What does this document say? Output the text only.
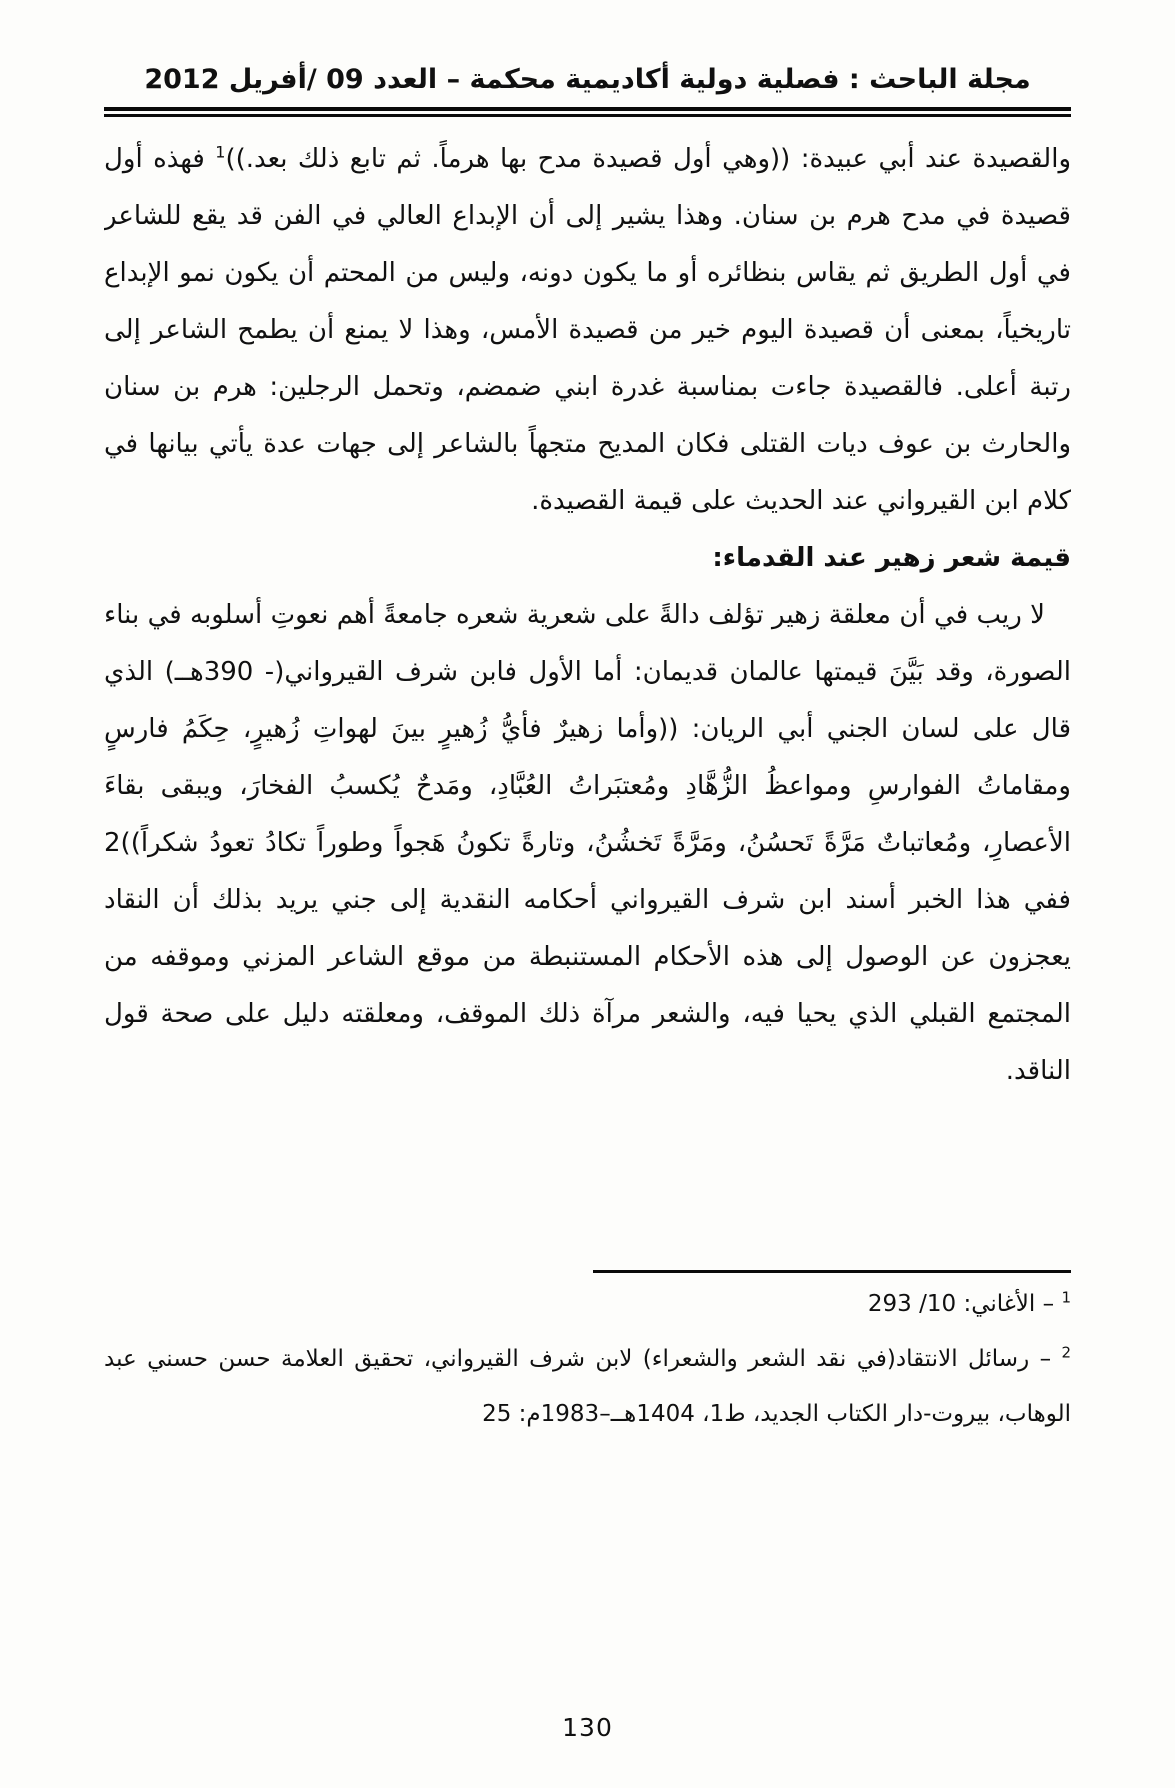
مجلة الباحث : فصلية دولية أكاديمية محكمة – العدد 09 /أفريل 2012

والقصيدة عند أبي عبيدة: ((وهي أول قصيدة مدح بها هرماً. ثم تابع ذلك بعد.))$^1$ فهذه أول قصيدة في مدح هرم بن سنان. وهذا يشير إلى أن الإبداع العالي في الفن قد يقع للشاعر في أول الطريق ثم يقاس بنظائره أو ما يكون دونه، وليس من المحتم أن يكون نمو الإبداع تاريخياً، بمعنى أن قصيدة اليوم خير من قصيدة الأمس، وهذا لا يمنع أن يطمح الشاعر إلى رتبة أعلى. فالقصيدة جاءت بمناسبة غدرة ابني ضمضم، وتحمل الرجلين: هرم بن سنان والحارث بن عوف ديات القتلى فكان المديح متجهاً بالشاعر إلى جهات عدة يأتي بيانها في كلام ابن القيرواني عند الحديث على قيمة القصيدة.

قيمة شعر زهير عند القدماء:

لا ريب في أن معلقة زهير تؤلف دالةً على شعرية شعره جامعةً أهم نعوتِ أسلوبه في بناء الصورة، وقد بَيَّنَ قيمتها عالمان قديمان: أما الأول فابن شرف القيرواني(- 390هــ) الذي قال على لسان الجني أبي الريان: ((وأما زهيرٌ فأيُّ زُهيرٍ بينَ لهواتِ زُهيرٍ، حِكَمُ فارسٍ ومقاماتُ الفوارسِ ومواعظُ الزُّهَّادِ ومُعتبَراتُ العُبَّادِ، ومَدحٌ يُكسبُ الفخارَ، ويبقى بقاءَ الأعصارِ، ومُعاتباتٌ مَرَّةً تَحسُنُ، ومَرَّةً تَخشُنُ، وتارةً تكونُ هَجواً وطوراً تكادُ تعودُ شكراً))2 ففي هذا الخبر أسند ابن شرف القيرواني أحكامه النقدية إلى جني يريد بذلك أن النقاد يعجزون عن الوصول إلى هذه الأحكام المستنبطة من موقع الشاعر المزني وموقفه من المجتمع القبلي الذي يحيا فيه، والشعر مرآة ذلك الموقف، ومعلقته دليل على صحة قول الناقد.

$^1$ – الأغاني: 10/ 293
$^2$ – رسائل الانتقاد(في نقد الشعر والشعراء) لابن شرف القيرواني، تحقيق العلامة حسن حسني عبد الوهاب، بيروت-دار الكتاب الجديد، ط1، 1404هــ–1983م: 25
130
